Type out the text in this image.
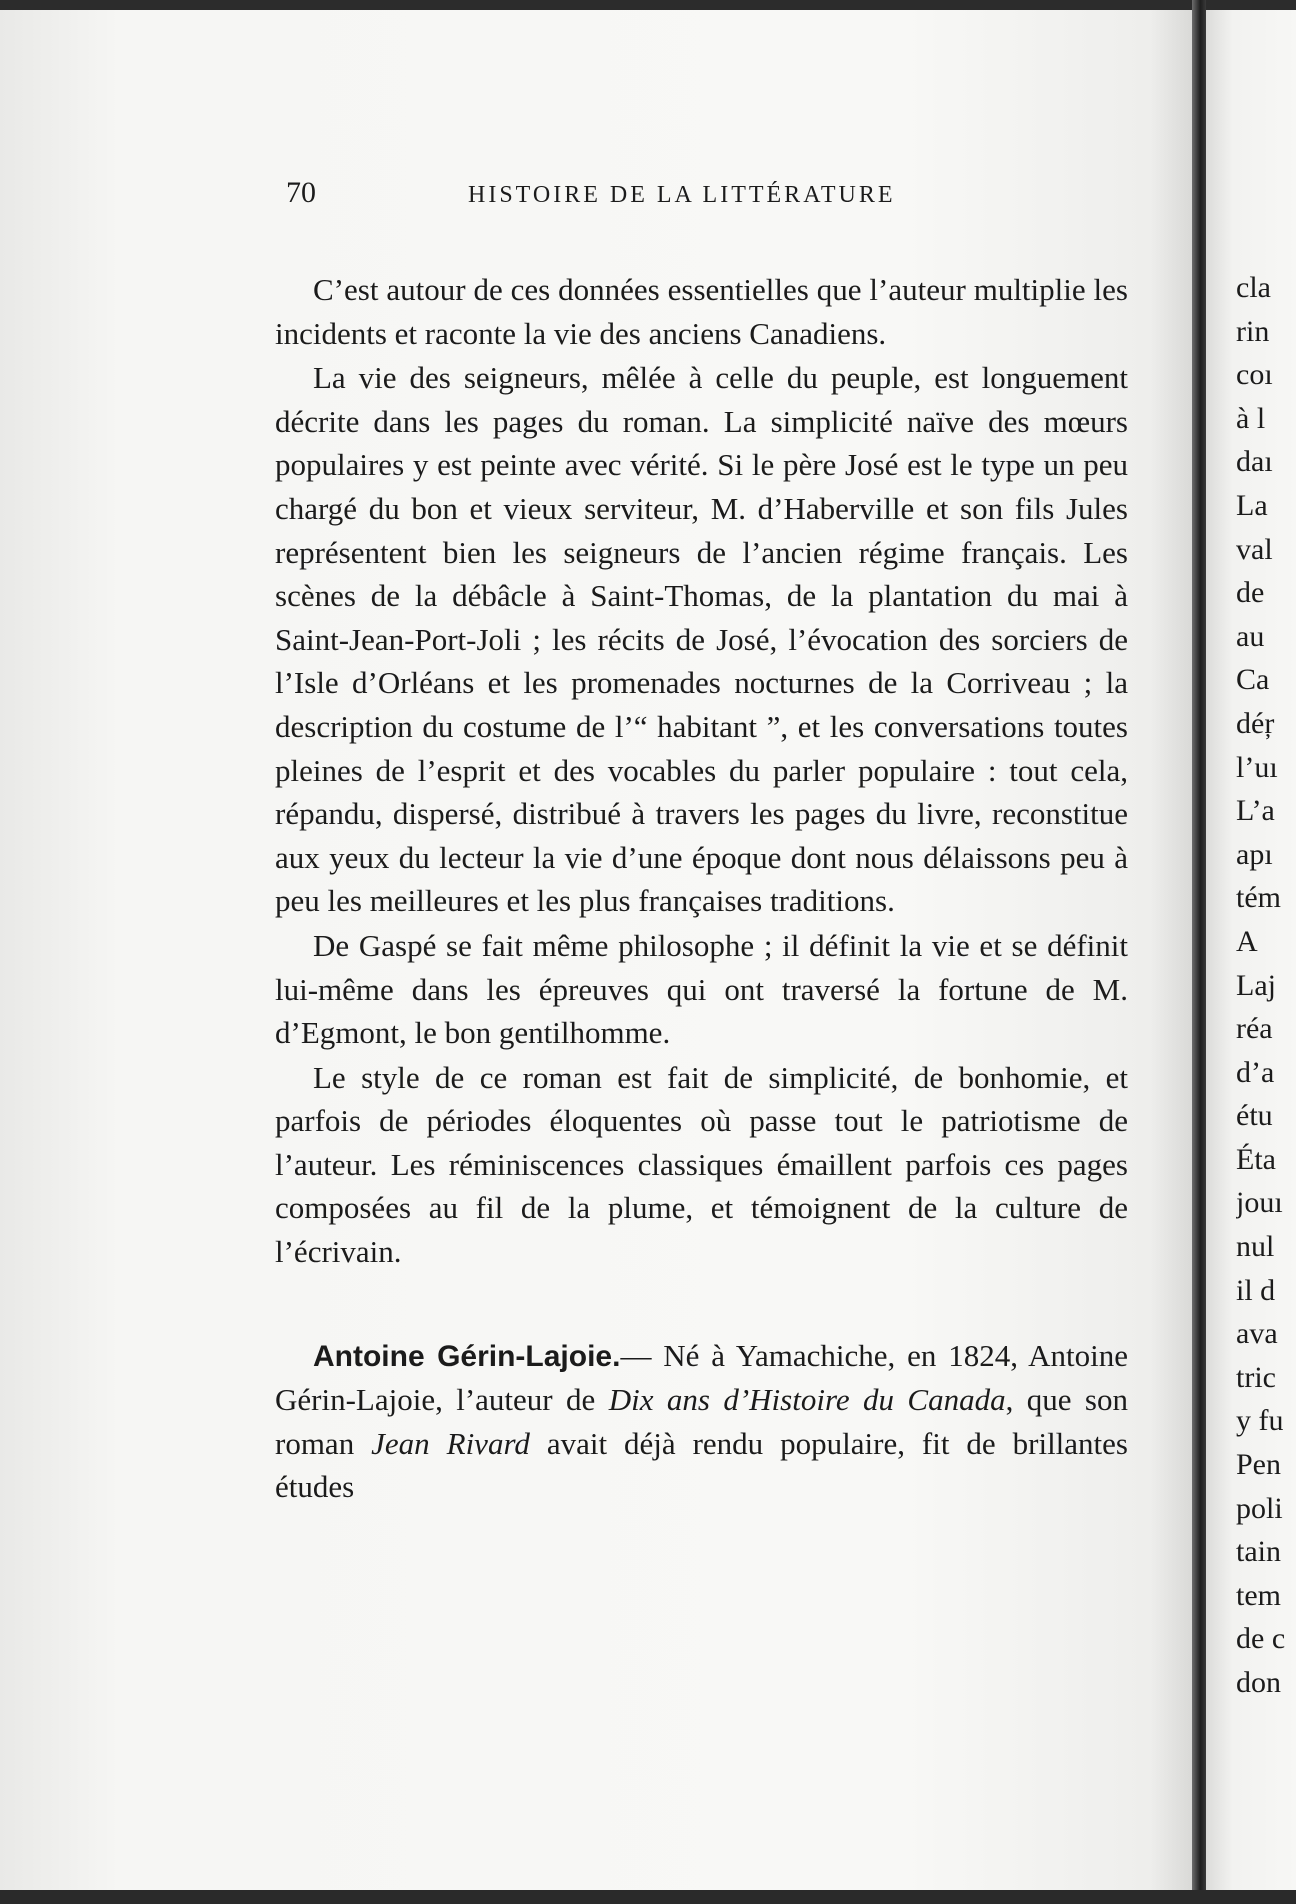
70	HISTOIRE DE LA LITTÉRATURE

C’est autour de ces données essentielles que l’auteur multiplie les incidents et raconte la vie des anciens Canadiens.

La vie des seigneurs, mêlée à celle du peuple, est longuement décrite dans les pages du roman. La simplicité naïve des mœurs populaires y est peinte avec vérité. Si le père José est le type un peu chargé du bon et vieux serviteur, M. d’Haberville et son fils Jules représentent bien les seigneurs de l’ancien régime français. Les scènes de la débâcle à Saint-Thomas, de la plantation du mai à Saint-Jean-Port-Joli ; les récits de José, l’évocation des sorciers de l’Isle d’Orléans et les promenades nocturnes de la Corriveau ; la description du costume de l’“ habitant ”, et les conversations toutes pleines de l’esprit et des vocables du parler populaire : tout cela, répandu, dispersé, distribué à travers les pages du livre, reconstitue aux yeux du lecteur la vie d’une époque dont nous délaissons peu à peu les meilleures et les plus françaises traditions.

De Gaspé se fait même philosophe ; il définit la vie et se définit lui-même dans les épreuves qui ont traversé la fortune de M. d’Egmont, le bon gentilhomme.

Le style de ce roman est fait de simplicité, de bonhomie, et parfois de périodes éloquentes où passe tout le patriotisme de l’auteur. Les réminiscences classiques émaillent parfois ces pages composées au fil de la plume, et témoignent de la culture de l’écrivain.

Antoine Gérin-Lajoie.— Né à Yamachiche, en 1824, Antoine Gérin-Lajoie, l’auteur de Dix ans d’Histoire du Canada, que son roman Jean Rivard avait déjà rendu populaire, fit de brillantes études

cla
rin
coı
à l
daı
La
val
de
au
Ca
déŗ
l’uı
L’a
apı
tém
A
Laj
réa
d’a
étu
Éta
jouı
nul
il d
ava
tric
y fu
Pen
poli
tain
tem
de c
don
